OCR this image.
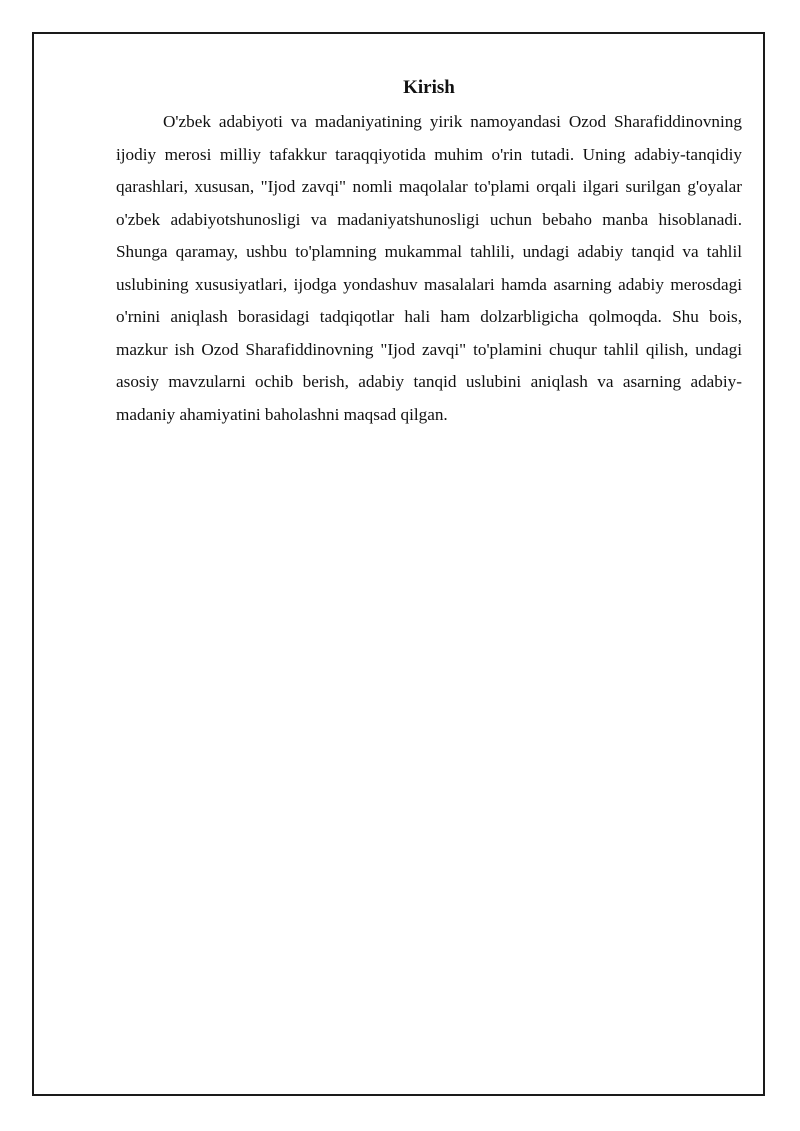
Kirish

O'zbek adabiyoti va madaniyatining yirik namoyandasi Ozod Sharafiddinovning ijodiy merosi milliy tafakkur taraqqiyotida muhim o'rin tutadi. Uning adabiy-tanqidiy qarashlari, xususan, "Ijod zavqi" nomli maqolalar to'plami orqali ilgari surilgan g'oyalar o'zbek adabiyotshunosligi va madaniyatshunosligi uchun bebaho manba hisoblanadi. Shunga qaramay, ushbu to'plamning mukammal tahlili, undagi adabiy tanqid va tahlil uslubining xususiyatlari, ijodga yondashuv masalalari hamda asarning adabiy merosdagi o'rnini aniqlash borasidagi tadqiqotlar hali ham dolzarbligicha qolmoqda. Shu bois, mazkur ish Ozod Sharafiddinovning "Ijod zavqi" to'plamini chuqur tahlil qilish, undagi asosiy mavzularni ochib berish, adabiy tanqid uslubini aniqlash va asarning adabiy-madaniy ahamiyatini baholashni maqsad qilgan.
